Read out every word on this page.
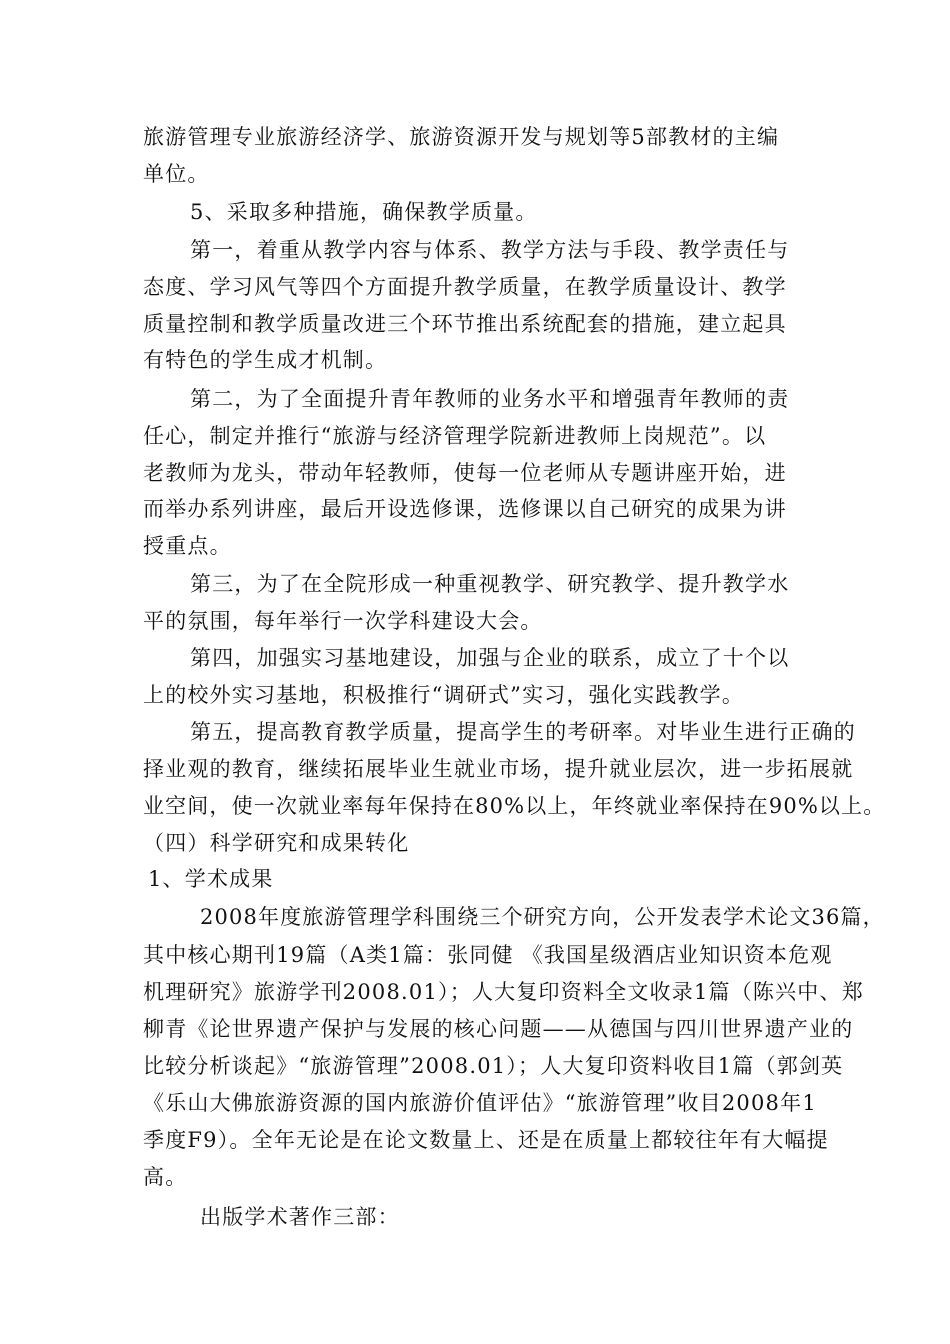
旅游管理专业旅游经济学、旅游资源开发与规划等5部教材的主编
单位。
5、采取多种措施，确保教学质量。
第一，着重从教学内容与体系、教学方法与手段、教学责任与
态度、学习风气等四个方面提升教学质量，在教学质量设计、教学
质量控制和教学质量改进三个环节推出系统配套的措施，建立起具
有特色的学生成才机制。
第二，为了全面提升青年教师的业务水平和增强青年教师的责
任心，制定并推行“旅游与经济管理学院新进教师上岗规范”。以
老教师为龙头，带动年轻教师，使每一位老师从专题讲座开始，进
而举办系列讲座，最后开设选修课，选修课以自己研究的成果为讲
授重点。
第三，为了在全院形成一种重视教学、研究教学、提升教学水
平的氛围，每年举行一次学科建设大会。
第四，加强实习基地建设，加强与企业的联系，成立了十个以
上的校外实习基地，积极推行“调研式”实习，强化实践教学。
第五，提高教育教学质量，提高学生的考研率。对毕业生进行正确的
择业观的教育，继续拓展毕业生就业市场，提升就业层次，进一步拓展就
业空间，使一次就业率每年保持在80%以上，年终就业率保持在90%以上。
（四）科学研究和成果转化
1、学术成果
2008年度旅游管理学科围绕三个研究方向，公开发表学术论文36篇，
其中核心期刊19篇（A类1篇：张同健 《我国星级酒店业知识资本危观
机理研究》旅游学刊2008.01）；人大复印资料全文收录1篇（陈兴中、郑
柳青《论世界遗产保护与发展的核心问题——从德国与四川世界遗产业的
比较分析谈起》“旅游管理”2008.01）；人大复印资料收目1篇（郭剑英
《乐山大佛旅游资源的国内旅游价值评估》“旅游管理”收目2008年1
季度F9）。全年无论是在论文数量上、还是在质量上都较往年有大幅提
高。
出版学术著作三部：
